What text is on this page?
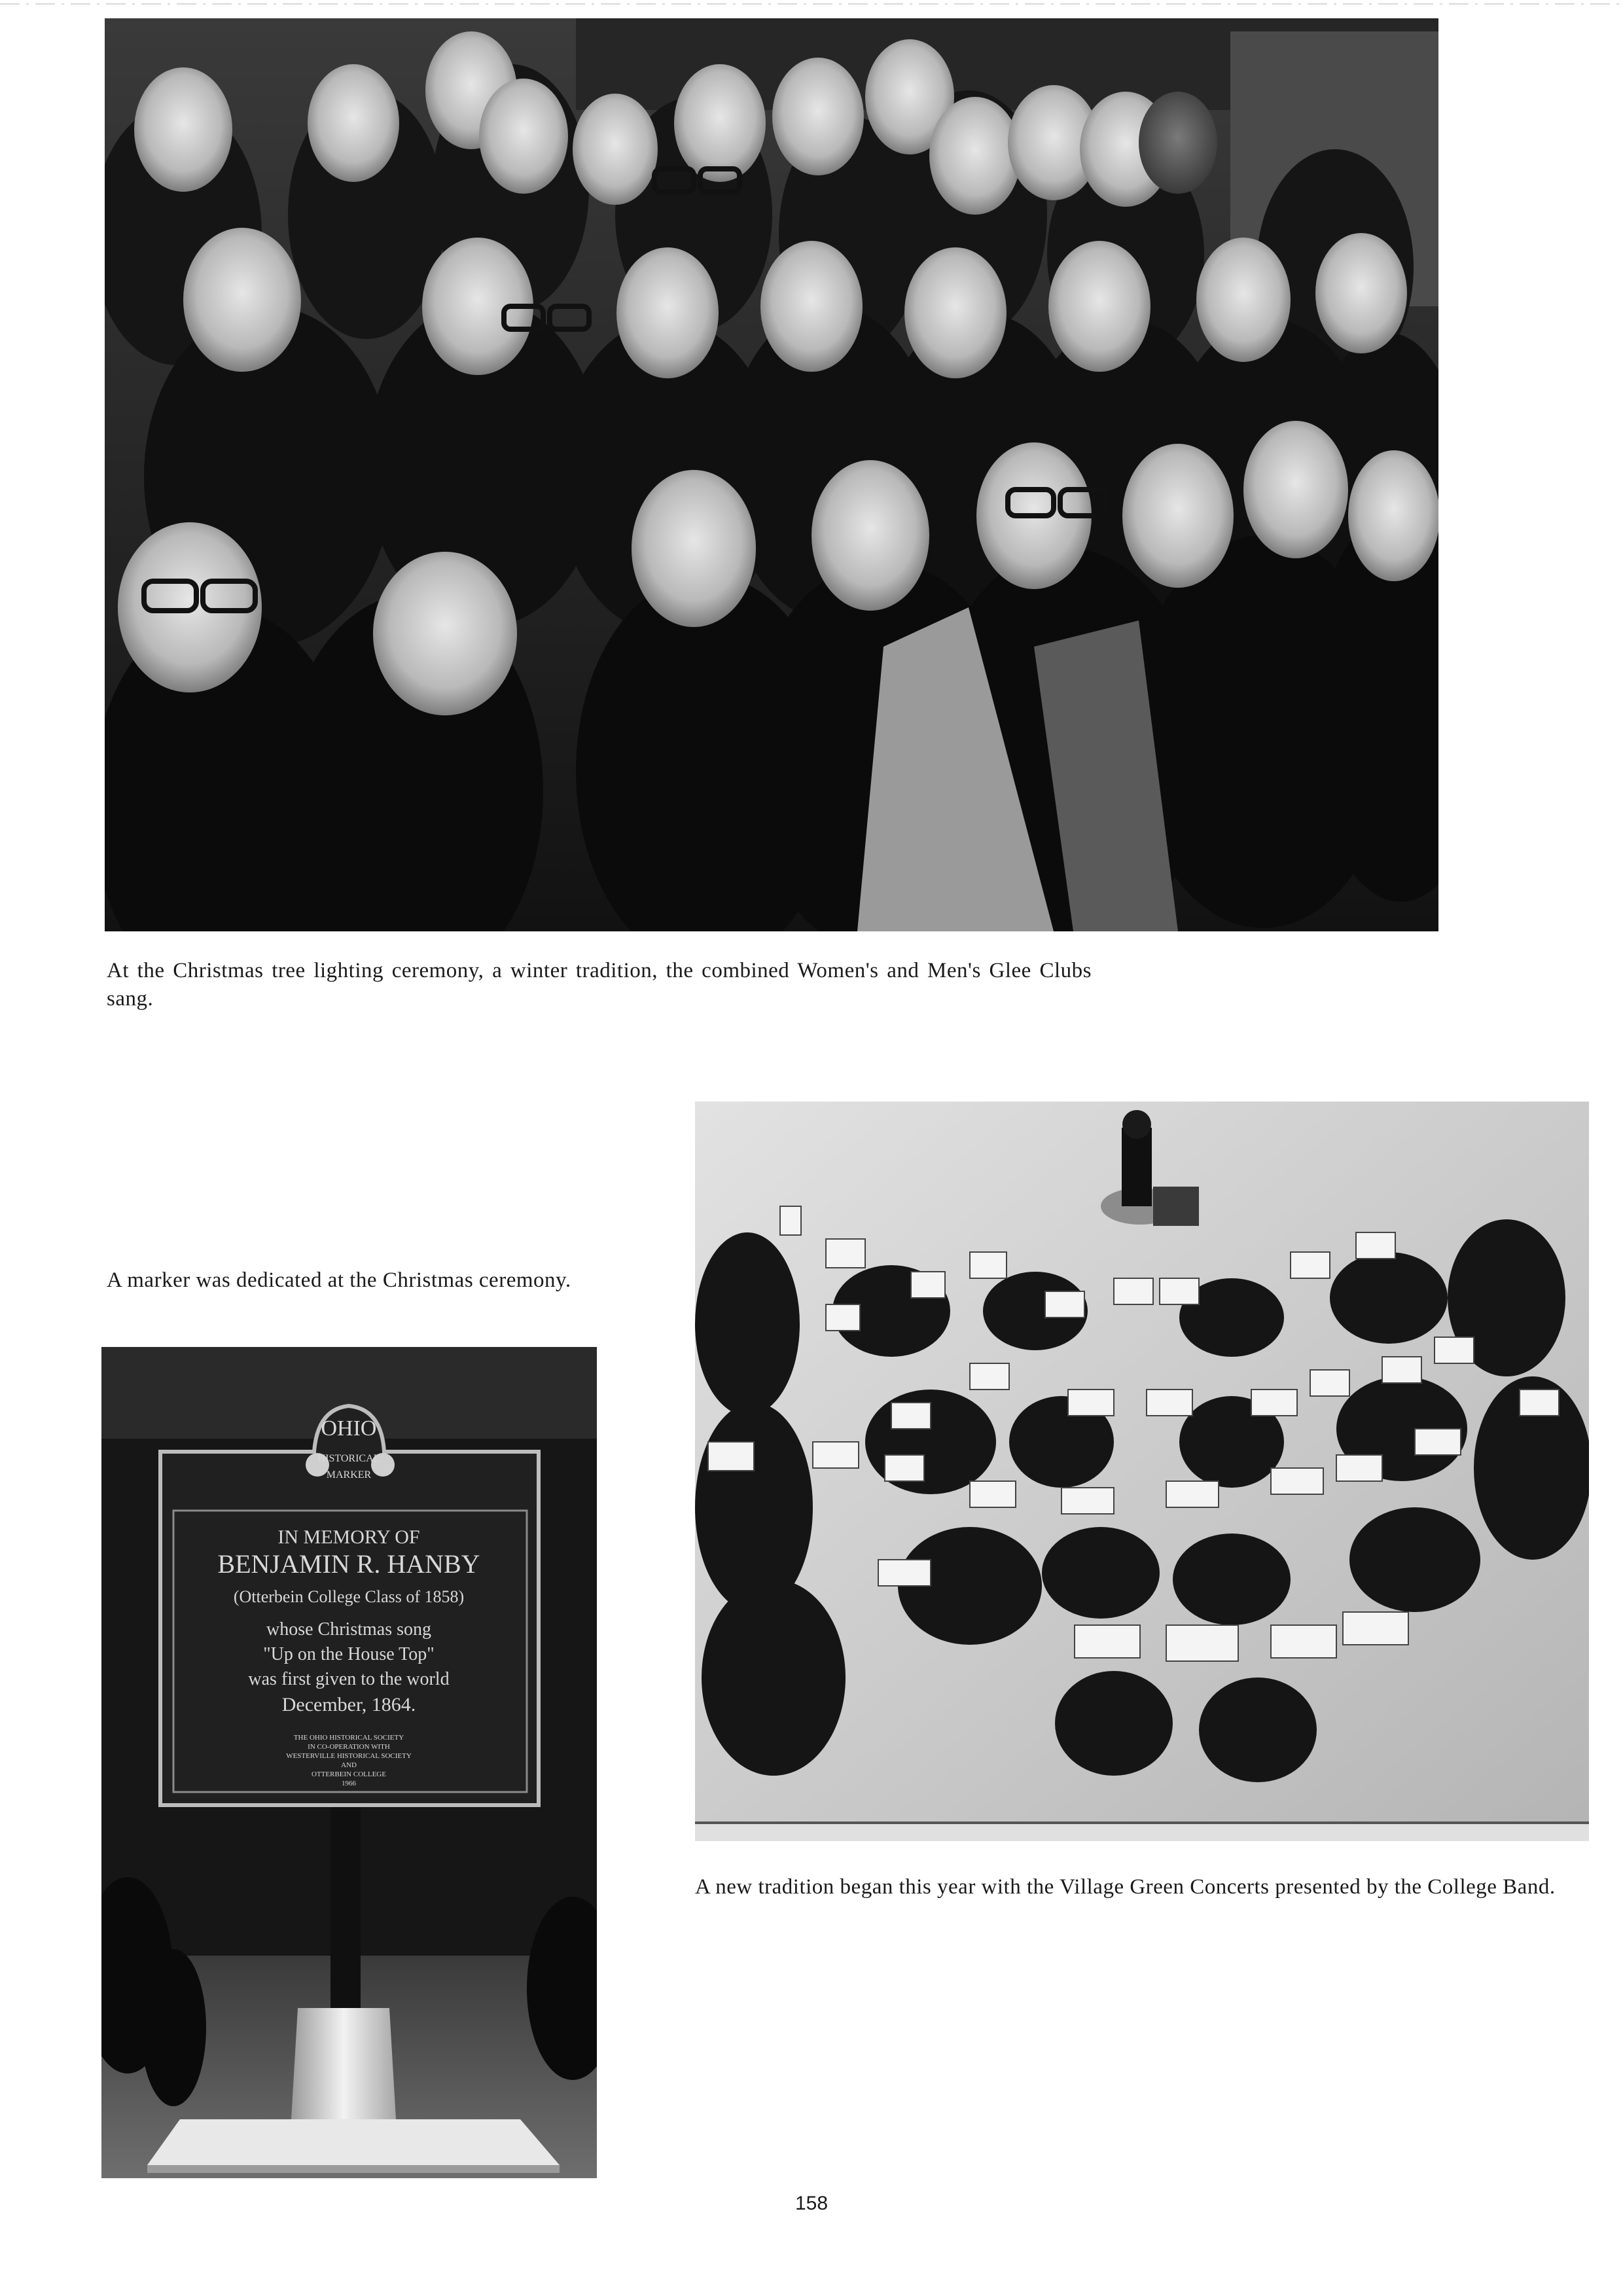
At the Christmas tree lighting ceremony, a winter tradition, the combined Women's and Men's Glee Clubs sang.
A marker was dedicated at the Christmas ceremony.
OHIO
HISTORICAL
MARKER
IN MEMORY OF
BENJAMIN R. HANBY
(Otterbein College Class of 1858)
whose Christmas song
"Up on the House Top"
was first given to the world
December, 1864.
THE OHIO HISTORICAL SOCIETY
IN CO-OPERATION WITH
WESTERVILLE HISTORICAL SOCIETY
AND
OTTERBEIN COLLEGE
1966
A new tradition began this year with the Village Green Concerts presented by the College Band.
158
